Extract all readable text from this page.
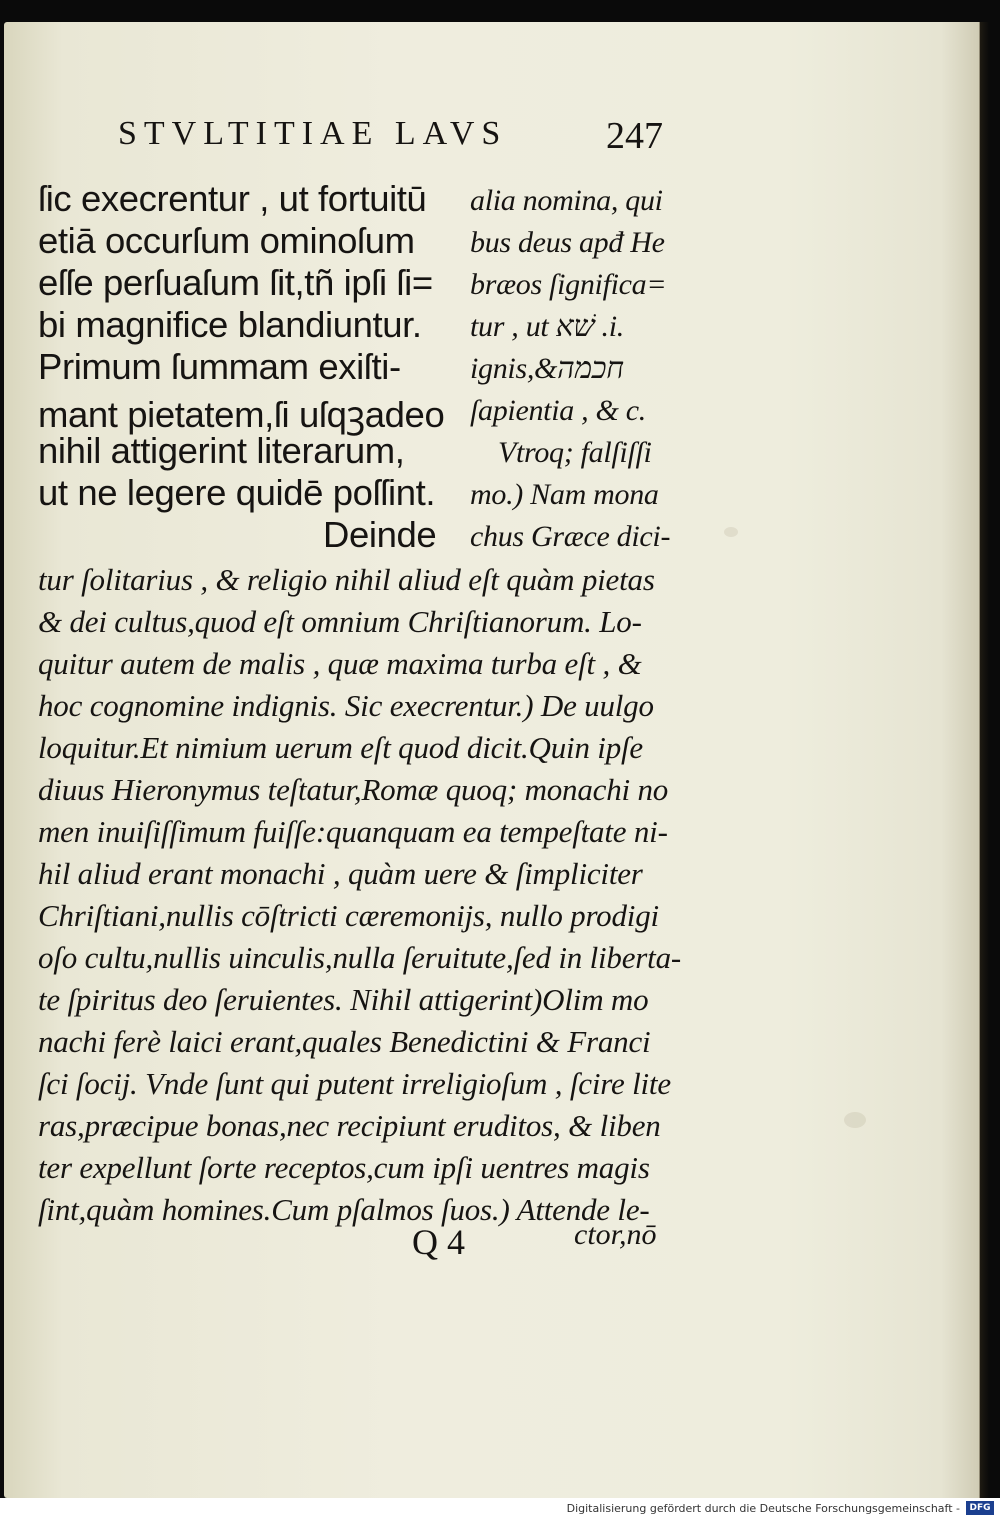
STVLTITIAE LAVS	247
ſic execrentur , ut fortuitū
etiā occurſum ominoſum
eſſe perſuaſum ſit,tñ ipſi ſi=
bi magnifice blandiuntur.
Primum ſummam exiſti-
mant pietatem,ſi uſqꝫadeo
nihil attigerint literarum,
ut ne legere quidē poſſint.
Deinde
alia nomina, qui
bus deus apđ He
bræos ſignifica=
tur , ut שׁא .i.
ignis,&חכמה
ſapientia , & c.
Vtroq; falſiſſi
mo.) Nam mona
chus Græce dici-
tur ſolitarius , & religio nihil aliud eſt quàm pietas
& dei cultus,quod eſt omnium Chriſtianorum. Lo-
quitur autem de malis , quæ maxima turba eſt , &
hoc cognomine indignis. Sic execrentur.) De uulgo
loquitur.Et nimium uerum eſt quod dicit.Quin ipſe
diuus Hieronymus teſtatur,Romæ quoq; monachi no
men inuiſiſſimum fuiſſe:quanquam ea tempeſtate ni-
hil aliud erant monachi , quàm uere & ſimpliciter
Chriſtiani,nullis cōſtricti cæremonijs, nullo prodigi
oſo cultu,nullis uinculis,nulla ſeruitute,ſed in liberta-
te ſpiritus deo ſeruientes. Nihil attigerint)Olim mo
nachi ferè laici erant,quales Benedictini & Franci
ſci ſocij. Vnde ſunt qui putent irreligioſum , ſcire lite
ras,præcipue bonas,nec recipiunt eruditos, & liben
ter expellunt ſorte receptos,cum ipſi uentres magis
ſint,quàm homines.Cum pſalmos ſuos.) Attende le-
Q 4	ctor,nō
Digitalisierung gefördert durch die Deutsche Forschungsgemeinschaft -	DFG
